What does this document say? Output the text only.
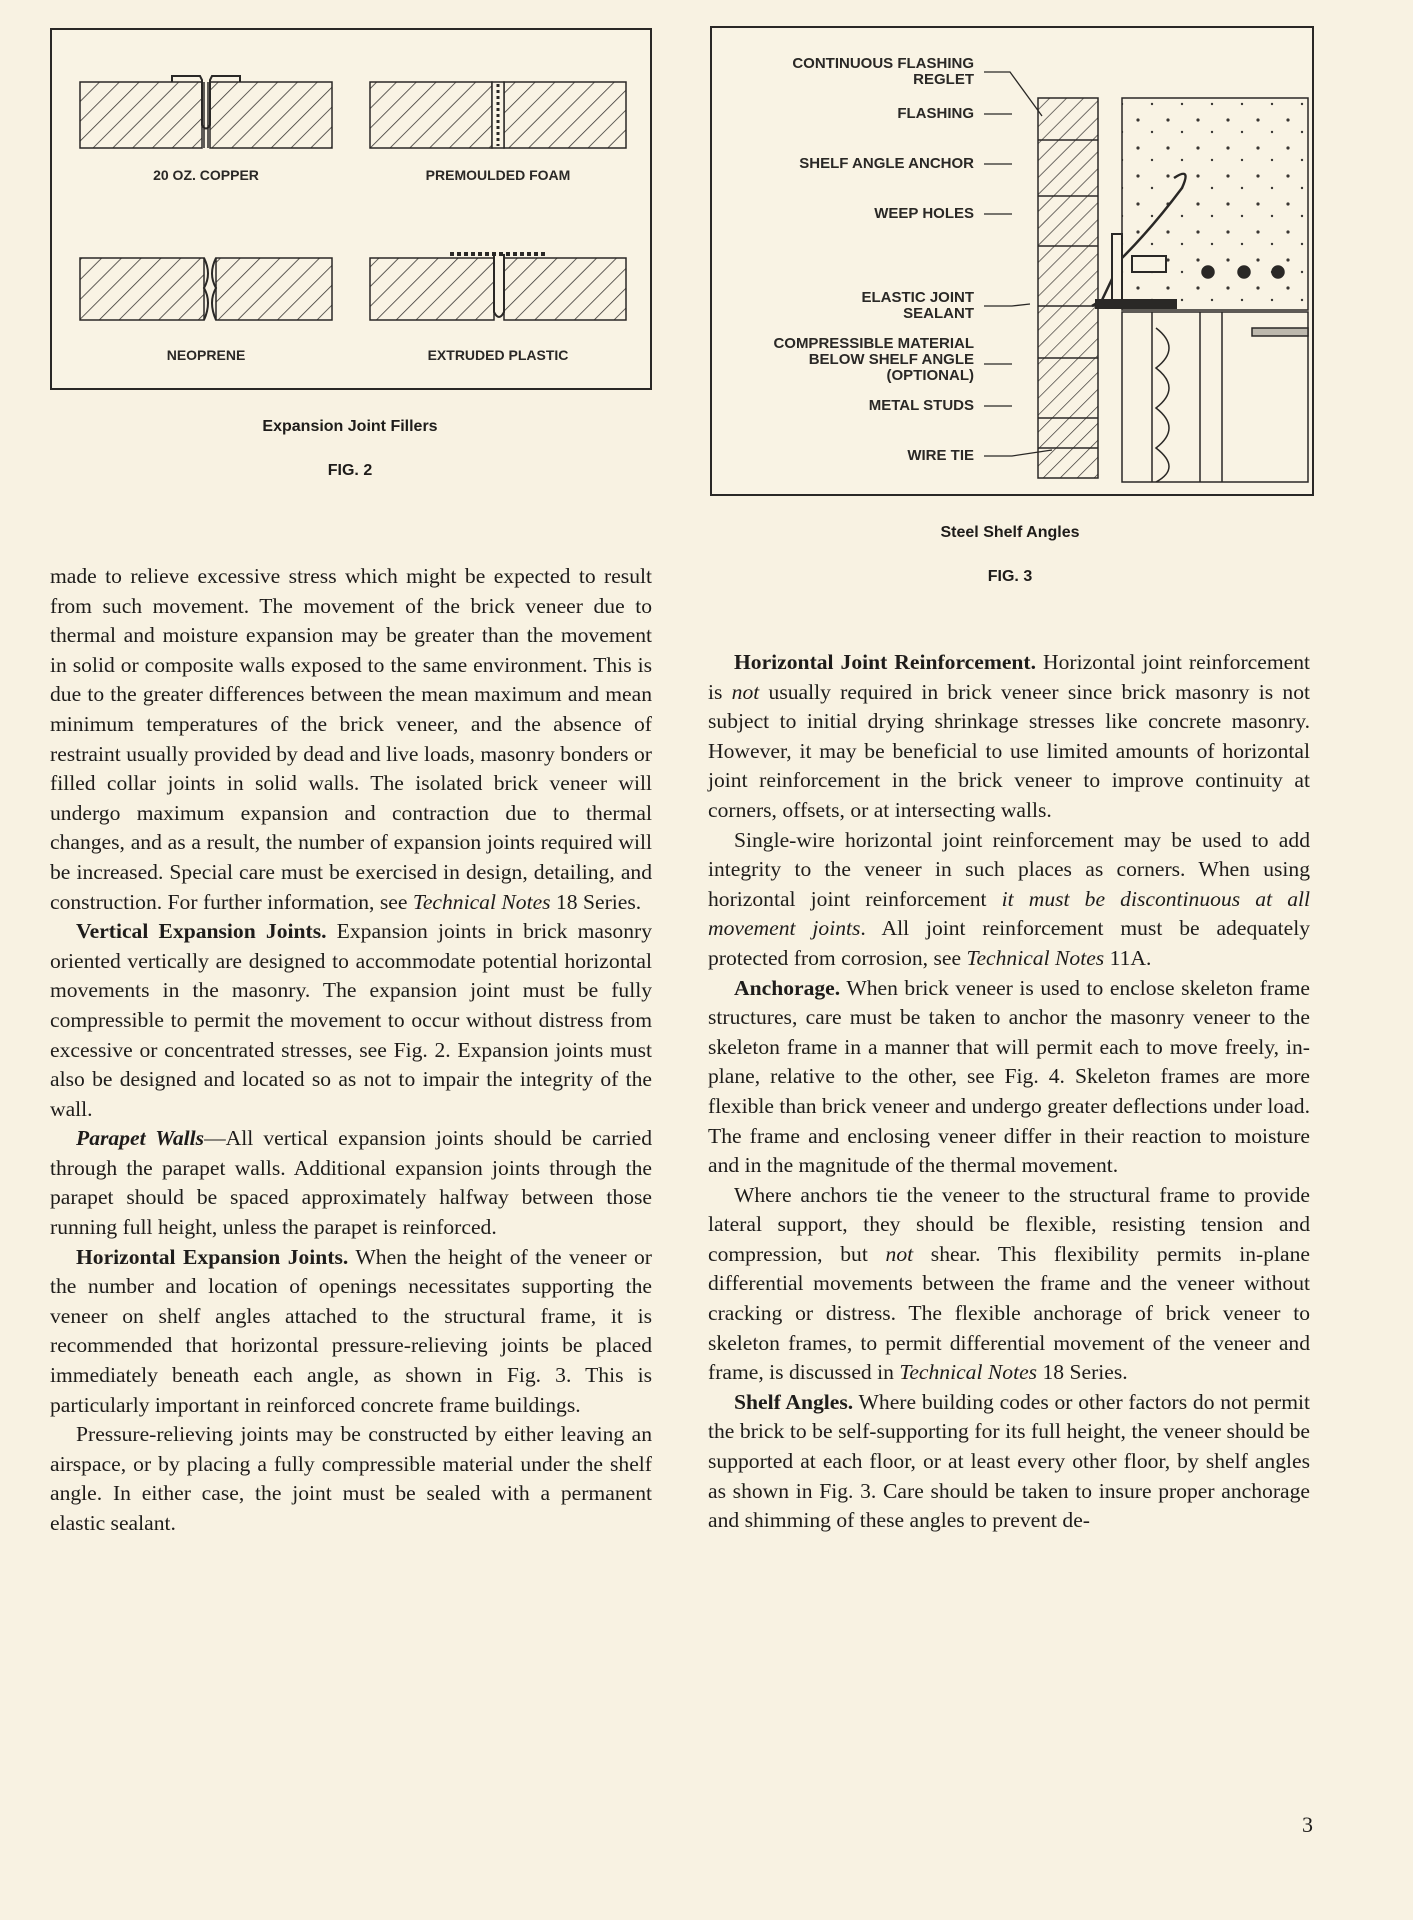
20 OZ. COPPER	PREMOULDED FOAM
NEOPRENE	EXTRUDED PLASTIC
Expansion Joint Fillers
FIG. 2
CONTINUOUS FLASHING
REGLET
FLASHING
SHELF ANGLE ANCHOR
WEEP HOLES
ELASTIC JOINT
SEALANT
COMPRESSIBLE MATERIAL
BELOW SHELF ANGLE
(OPTIONAL)
METAL STUDS
WIRE TIE
Steel Shelf Angles
FIG. 3

made to relieve excessive stress which might be expected to result from such movement. The movement of the brick veneer due to thermal and moisture expansion may be greater than the movement in solid or composite walls exposed to the same environment. This is due to the greater differences between the mean maximum and mean minimum temperatures of the brick veneer, and the absence of restraint usually provided by dead and live loads, masonry bonders or filled collar joints in solid walls. The isolated brick veneer will undergo maximum expansion and contraction due to thermal changes, and as a result, the number of expansion joints required will be increased. Special care must be exercised in design, detailing, and construction. For further information, see Technical Notes 18 Series.

Vertical Expansion Joints. Expansion joints in brick masonry oriented vertically are designed to accommodate potential horizontal movements in the masonry. The expansion joint must be fully compressible to permit the movement to occur without distress from excessive or concentrated stresses, see Fig. 2. Expansion joints must also be designed and located so as not to impair the integrity of the wall.

Parapet Walls—All vertical expansion joints should be carried through the parapet walls. Additional expansion joints through the parapet should be spaced approximately halfway between those running full height, unless the parapet is reinforced.

Horizontal Expansion Joints. When the height of the veneer or the number and location of openings necessitates supporting the veneer on shelf angles attached to the structural frame, it is recommended that horizontal pressure-relieving joints be placed immediately beneath each angle, as shown in Fig. 3. This is particularly important in reinforced concrete frame buildings.

Pressure-relieving joints may be constructed by either leaving an airspace, or by placing a fully compressible material under the shelf angle. In either case, the joint must be sealed with a permanent elastic sealant.

Horizontal Joint Reinforcement. Horizontal joint reinforcement is not usually required in brick veneer since brick masonry is not subject to initial drying shrinkage stresses like concrete masonry. However, it may be beneficial to use limited amounts of horizontal joint reinforcement in the brick veneer to improve continuity at corners, offsets, or at intersecting walls.

Single-wire horizontal joint reinforcement may be used to add integrity to the veneer in such places as corners. When using horizontal joint reinforcement it must be discontinuous at all movement joints. All joint reinforcement must be adequately protected from corrosion, see Technical Notes 11A.

Anchorage. When brick veneer is used to enclose skeleton frame structures, care must be taken to anchor the masonry veneer to the skeleton frame in a manner that will permit each to move freely, in-plane, relative to the other, see Fig. 4. Skeleton frames are more flexible than brick veneer and undergo greater deflections under load. The frame and enclosing veneer differ in their reaction to moisture and in the magnitude of the thermal movement.

Where anchors tie the veneer to the structural frame to provide lateral support, they should be flexible, resisting tension and compression, but not shear. This flexibility permits in-plane differential movements between the frame and the veneer without cracking or distress. The flexible anchorage of brick veneer to skeleton frames, to permit differential movement of the veneer and frame, is discussed in Technical Notes 18 Series.

Shelf Angles. Where building codes or other factors do not permit the brick to be self-supporting for its full height, the veneer should be supported at each floor, or at least every other floor, by shelf angles as shown in Fig. 3. Care should be taken to insure proper anchorage and shimming of these angles to prevent de-

3
